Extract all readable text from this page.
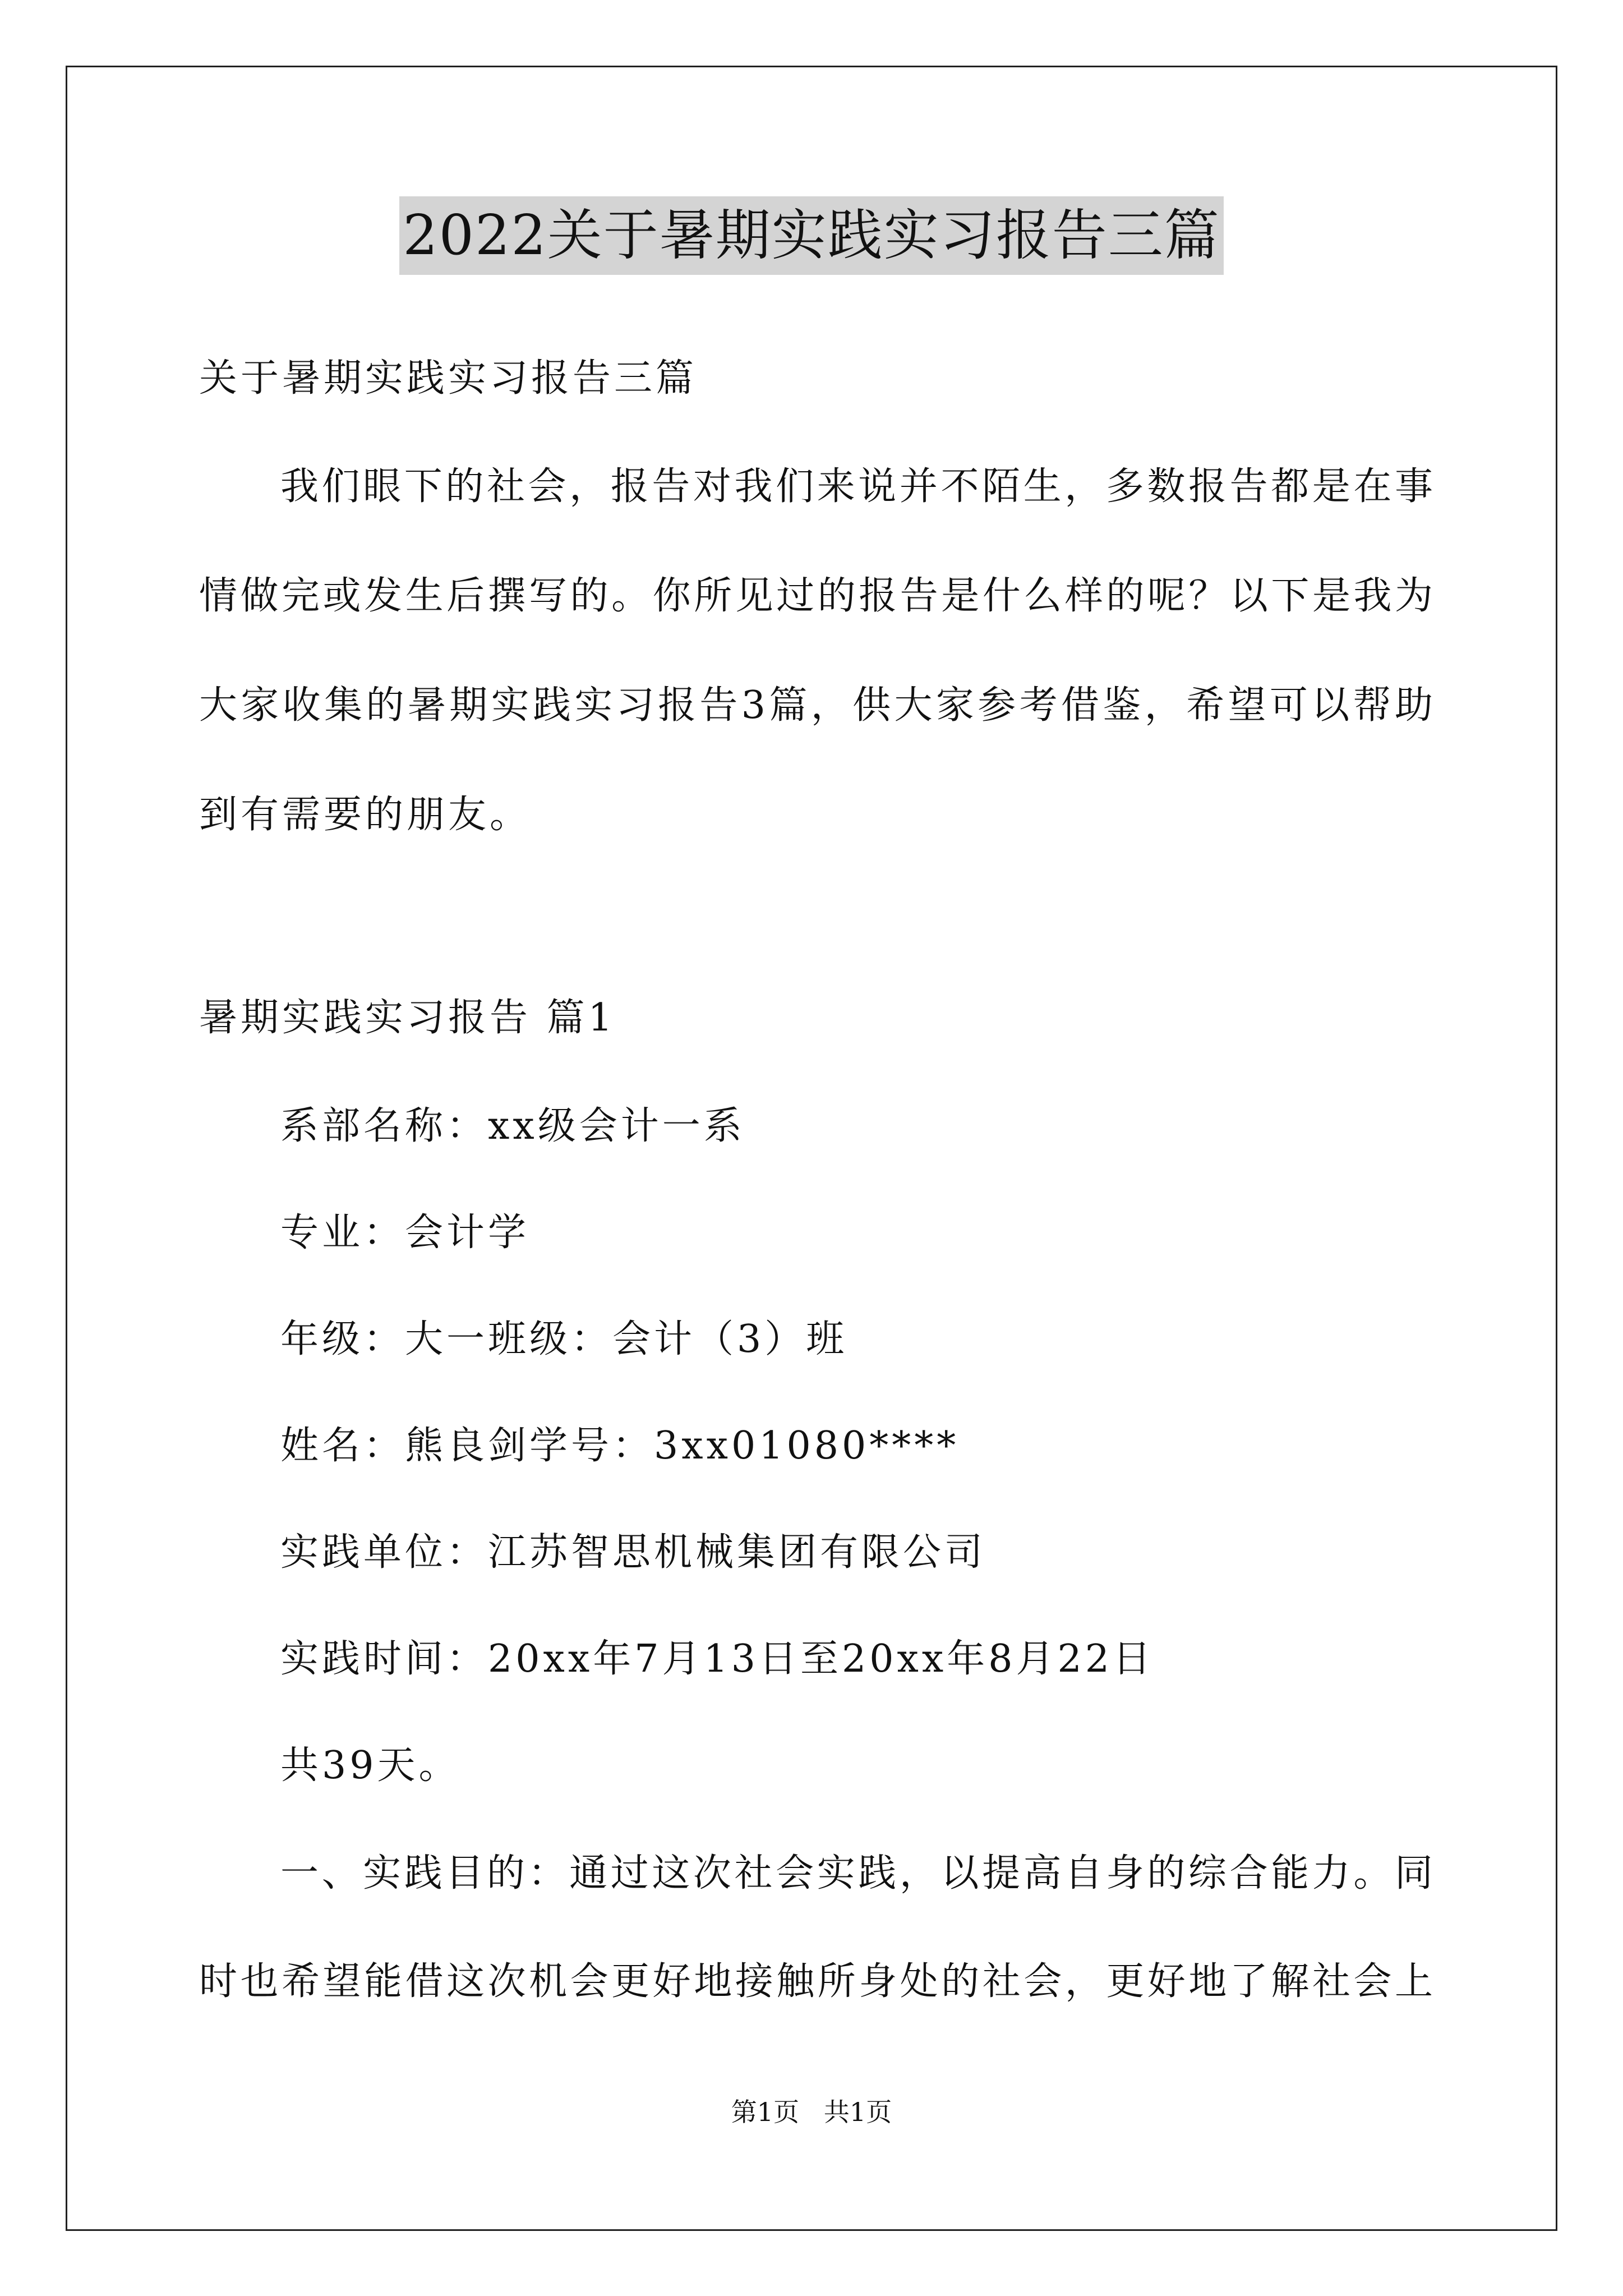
2022关于暑期实践实习报告三篇
关于暑期实践实习报告三篇
我们眼下的社会，报告对我们来说并不陌生，多数报告都是在事
情做完或发生后撰写的。你所见过的报告是什么样的呢？以下是我为
大家收集的暑期实践实习报告3篇，供大家参考借鉴，希望可以帮助
到有需要的朋友。
暑期实践实习报告 篇1
系部名称：xx级会计一系
专业：会计学
年级：大一班级：会计（3）班
姓名：熊良剑学号：3xx01080****
实践单位：江苏智思机械集团有限公司
实践时间：20xx年7月13日至20xx年8月22日
共39天。
一、实践目的：通过这次社会实践，以提高自身的综合能力。同
时也希望能借这次机会更好地接触所身处的社会，更好地了解社会上
第1页   共1页
